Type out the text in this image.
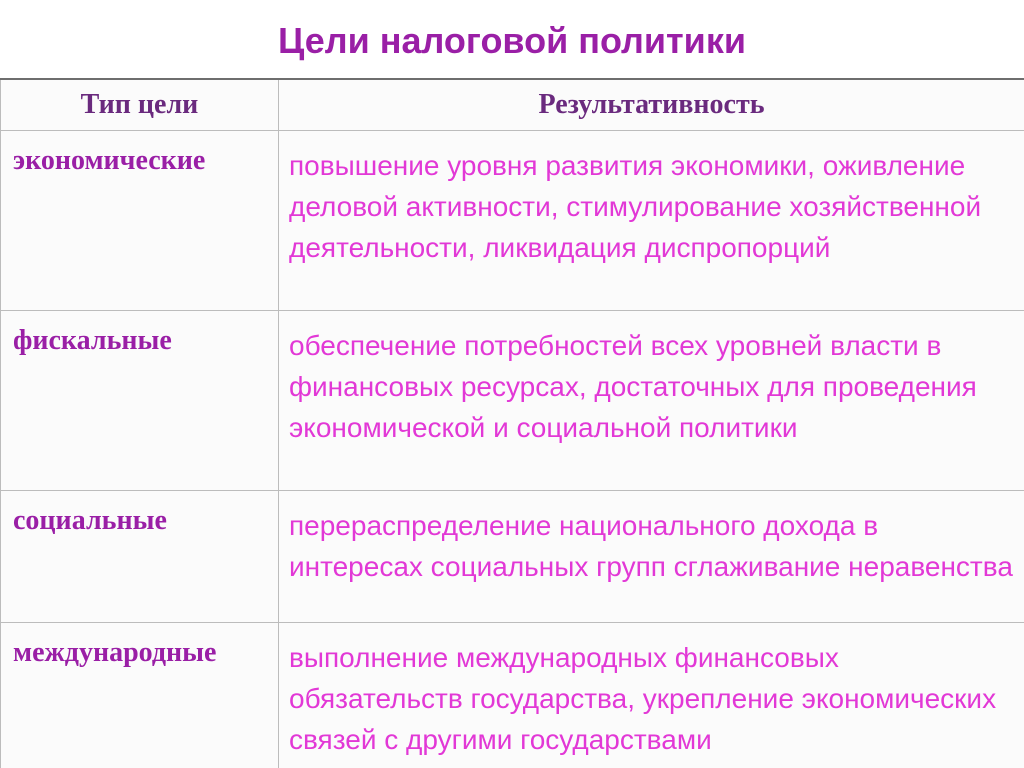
Цели налоговой политики
Тип цели	Результативность
экономические	повышение уровня развития экономики, оживление деловой активности, стимулирование хозяйственной деятельности, ликвидация диспропорций
фискальные	обеспечение потребностей всех уровней власти в финансовых ресурсах, достаточных для проведения экономической и социальной политики
социальные	перераспределение национального дохода в интересах социальных групп сглаживание неравенства
международные	выполнение международных финансовых обязательств государства, укрепление экономических связей с другими государствами
